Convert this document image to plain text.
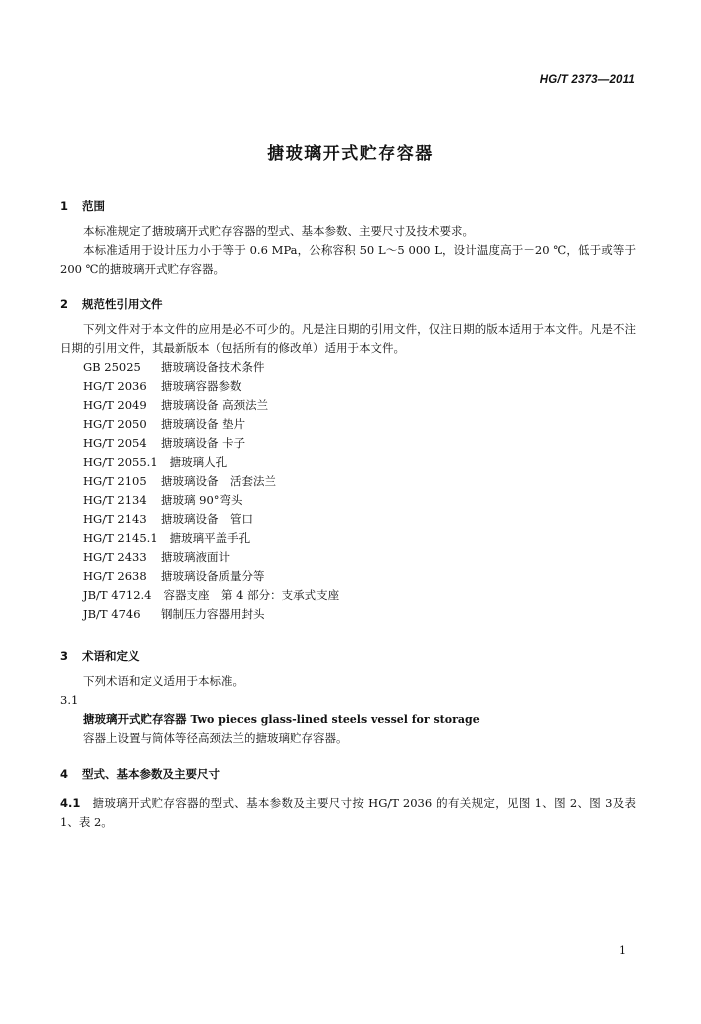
HG/T 2373—2011
搪玻璃开式贮存容器

1 范围

本标准规定了搪玻璃开式贮存容器的型式、基本参数、主要尺寸及技术要求。

本标准适用于设计压力小于等于 0.6 MPa，公称容积 50 L～5 000 L，设计温度高于－20 ℃，低于或等于 200 ℃的搪玻璃开式贮存容器。

2 规范性引用文件

下列文件对于本文件的应用是必不可少的。凡是注日期的引用文件，仅注日期的版本适用于本文件。凡是不注日期的引用文件，其最新版本（包括所有的修改单）适用于本文件。

GB 25025 搪玻璃设备技术条件

HG/T 2036 搪玻璃容器参数

HG/T 2049 搪玻璃设备 高颈法兰

HG/T 2050 搪玻璃设备 垫片

HG/T 2054 搪玻璃设备 卡子

HG/T 2055.1 搪玻璃人孔

HG/T 2105 搪玻璃设备　活套法兰

HG/T 2134 搪玻璃 90°弯头

HG/T 2143 搪玻璃设备　管口

HG/T 2145.1 搪玻璃平盖手孔

HG/T 2433 搪玻璃液面计

HG/T 2638 搪玻璃设备质量分等

JB/T 4712.4 容器支座　第 4 部分：支承式支座

JB/T 4746 钢制压力容器用封头

3 术语和定义

下列术语和定义适用于本标准。

3.1

搪玻璃开式贮存容器 Two pieces glass-lined steels vessel for storage

容器上设置与筒体等径高颈法兰的搪玻璃贮存容器。

4 型式、基本参数及主要尺寸

4.1　 搪玻璃开式贮存容器的型式、基本参数及主要尺寸按 HG/T 2036 的有关规定，见图 1、图 2、图 3及表 1、表 2。

1
